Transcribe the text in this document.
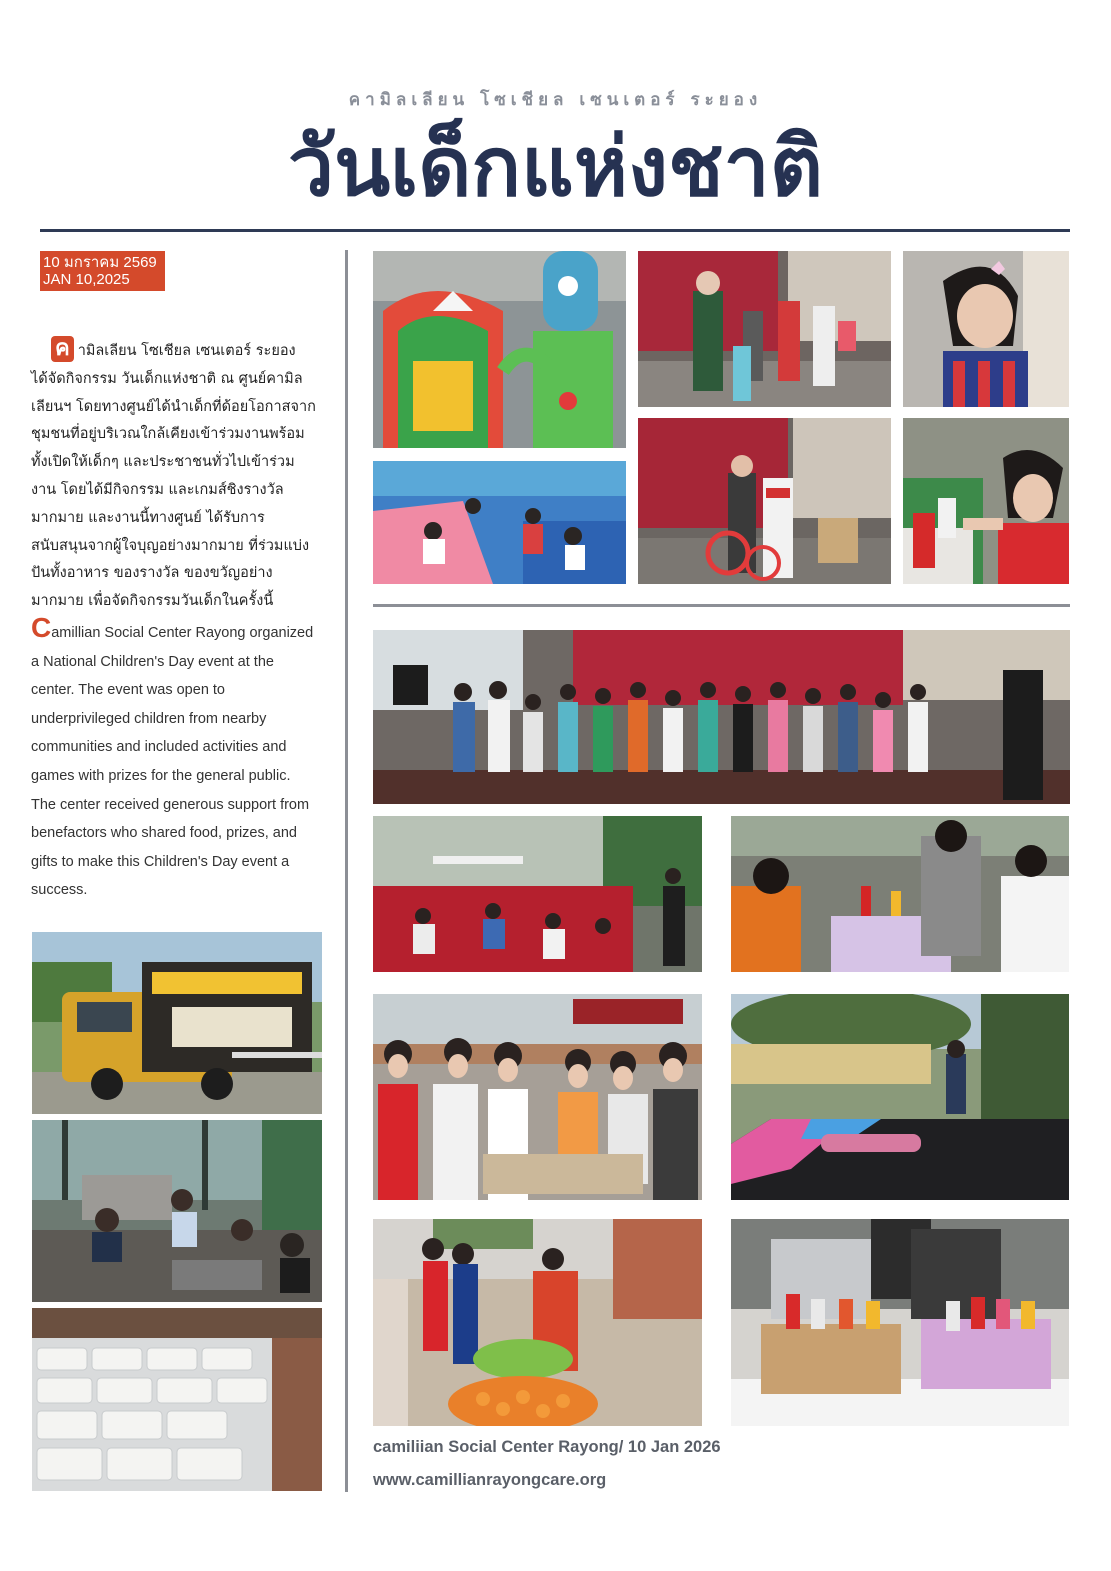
คามิลเลียน โซเชียล เซนเตอร์ ระยอง
วันเด็กแห่งชาติ
10 มกราคม 2569
JAN 10,2025
ค ามิลเลียน โซเชียล เซนเตอร์ ระยอง ได้จัดกิจกรรม วันเด็กแห่งชาติ ณ ศูนย์คามิลเลียนฯ โดยทางศูนย์ได้นำเด็กที่ด้อยโอกาสจากชุมชนที่อยู่บริเวณใกล้เคียงเข้าร่วมงานพร้อมทั้งเปิดให้เด็กๆ และประชาชนทั่วไปเข้าร่วมงาน โดยได้มีกิจกรรม และเกมส์ชิงรางวัลมากมาย และงานนี้ทางศูนย์ ได้รับการสนับสนุนจากผู้ใจบุญอย่างมากมาย ที่ร่วมแบ่งปันทั้งอาหาร ของรางวัล ของขวัญอย่างมากมาย เพื่อจัดกิจกรรมวันเด็กในครั้งนี้
Camillian Social Center Rayong organized a National Children's Day event at the center. The event was open to underprivileged children from nearby communities and included activities and games with prizes for the general public. The center received generous support from benefactors who shared food, prizes, and gifts to make this Children's Day event a success.
camiliian Social Center Rayong/ 10 Jan 2026
www.camillianrayongcare.org
